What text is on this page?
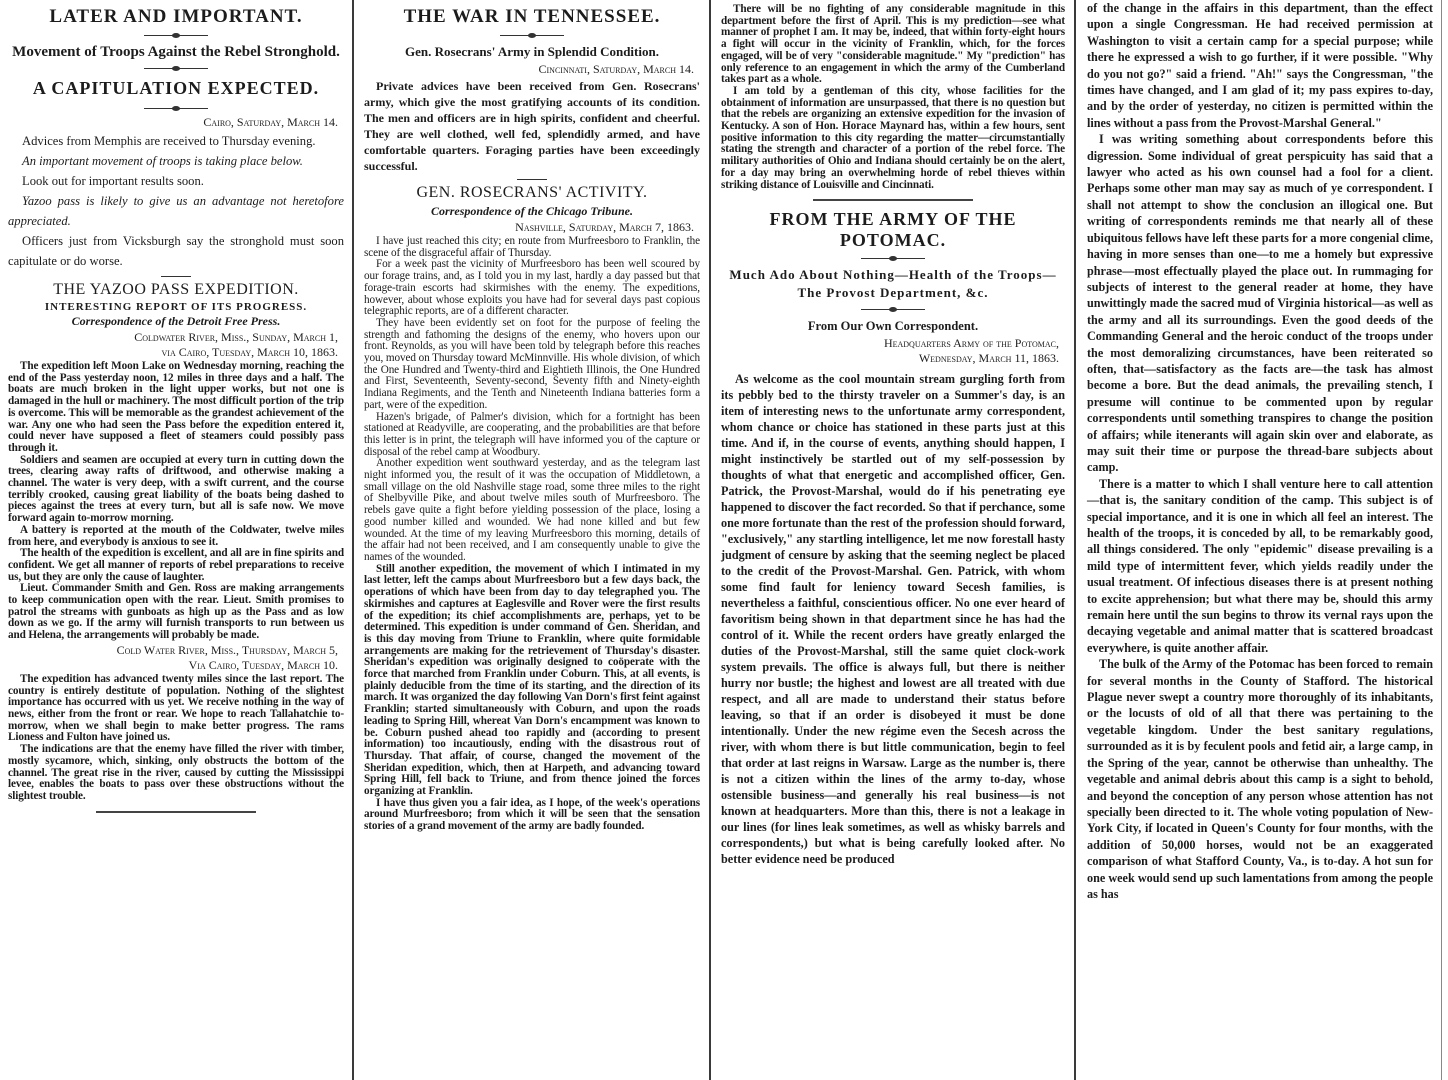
LATER AND IMPORTANT.
Movement of Troops Against the Rebel Stronghold.
A CAPITULATION EXPECTED.
Cairo, Saturday, March 14.

Advices from Memphis are received to Thursday evening.

An important movement of troops is taking place below.

Look out for important results soon.

Yazoo pass is likely to give us an advantage not heretofore appreciated.

Officers just from Vicksburgh say the stronghold must soon capitulate or do worse.

THE YAZOO PASS EXPEDITION.
INTERESTING REPORT OF ITS PROGRESS.
Correspondence of the Detroit Free Press.
Coldwater River, Miss., Sunday, March 1,
via Cairo, Tuesday, March 10, 1863.

The expedition left Moon Lake on Wednesday morning, reaching the end of the Pass yesterday noon, 12 miles in three days and a half. The boats are much broken in the light upper works, but not one is damaged in the hull or machinery. The most difficult portion of the trip is overcome. This will be memorable as the grandest achievement of the war. Any one who had seen the Pass before the expedition entered it, could never have supposed a fleet of steamers could possibly pass through it.

Soldiers and seamen are occupied at every turn in cutting down the trees, clearing away rafts of driftwood, and otherwise making a channel. The water is very deep, with a swift current, and the course terribly crooked, causing great liability of the boats being dashed to pieces against the trees at every turn, but all is safe now. We move forward again to-morrow morning.

A battery is reported at the mouth of the Coldwater, twelve miles from here, and everybody is anxious to see it.

The health of the expedition is excellent, and all are in fine spirits and confident. We get all manner of reports of rebel preparations to receive us, but they are only the cause of laughter.

Lieut. Commander Smith and Gen. Ross are making arrangements to keep communication open with the rear. Lieut. Smith promises to patrol the streams with gunboats as high up as the Pass and as low down as we go. If the army will furnish transports to run between us and Helena, the arrangements will probably be made.

Cold Water River, Miss., Thursday, March 5,
Via Cairo, Tuesday, March 10.

The expedition has advanced twenty miles since the last report. The country is entirely destitute of population. Nothing of the slightest importance has occurred with us yet. We receive nothing in the way of news, either from the front or rear. We hope to reach Tallahatchie to-morrow, when we shall begin to make better progress. The rams Lioness and Fulton have joined us.

The indications are that the enemy have filled the river with timber, mostly sycamore, which, sinking, only obstructs the bottom of the channel. The great rise in the river, caused by cutting the Mississippi levee, enables the boats to pass over these obstructions without the slightest trouble.

THE WAR IN TENNESSEE.
Gen. Rosecrans' Army in Splendid Condition.
Cincinnati, Saturday, March 14.

Private advices have been received from Gen. Rosecrans' army, which give the most gratifying accounts of its condition. The men and officers are in high spirits, confident and cheerful. They are well clothed, well fed, splendidly armed, and have comfortable quarters. Foraging parties have been exceedingly successful.

GEN. ROSECRANS' ACTIVITY.
Correspondence of the Chicago Tribune.
Nashville, Saturday, March 7, 1863.

I have just reached this city; en route from Murfreesboro to Franklin, the scene of the disgraceful affair of Thursday.

For a week past the vicinity of Murfreesboro has been well scoured by our forage trains, and, as I told you in my last, hardly a day passed but that forage-train escorts had skirmishes with the enemy. The expeditions, however, about whose exploits you have had for several days past copious telegraphic reports, are of a different character.

They have been evidently set on foot for the purpose of feeling the strength and fathoming the designs of the enemy, who hovers upon our front. Reynolds, as you will have been told by telegraph before this reaches you, moved on Thursday toward McMinnville. His whole division, of which the One Hundred and Twenty-third and Eightieth Illinois, the One Hundred and First, Seventeenth, Seventy-second, Seventy fifth and Ninety-eighth Indiana Regiments, and the Tenth and Nineteenth Indiana batteries form a part, were of the expedition.

Hazen's brigade, of Palmer's division, which for a fortnight has been stationed at Readyville, are cooperating, and the probabilities are that before this letter is in print, the telegraph will have informed you of the capture or disposal of the rebel camp at Woodbury.

Another expedition went southward yesterday, and as the telegram last night informed you, the result of it was the occupation of Middletown, a small village on the old Nashville stage road, some three miles to the right of Shelbyville Pike, and about twelve miles south of Murfreesboro. The rebels gave quite a fight before yielding possession of the place, losing a good number killed and wounded. We had none killed and but few wounded. At the time of my leaving Murfreesboro this morning, details of the affair had not been received, and I am consequently unable to give the names of the wounded.

Still another expedition, the movement of which I intimated in my last letter, left the camps about Murfreesboro but a few days back, the operations of which have been from day to day telegraphed you. The skirmishes and captures at Eaglesville and Rover were the first results of the expedition; its chief accomplishments are, perhaps, yet to be determined. This expedition is under command of Gen. Sheridan, and is this day moving from Triune to Franklin, where quite formidable arrangements are making for the retrievement of Thursday's disaster. Sheridan's expedition was originally designed to coöperate with the force that marched from Franklin under Coburn. This, at all events, is plainly deducible from the time of its starting, and the direction of its march. It was organized the day following Van Dorn's first feint against Franklin; started simultaneously with Coburn, and upon the roads leading to Spring Hill, whereat Van Dorn's encampment was known to be. Coburn pushed ahead too rapidly and (according to present information) too incautiously, ending with the disastrous rout of Thursday. That affair, of course, changed the movement of the Sheridan expedition, which, then at Harpeth, and advancing toward Spring Hill, fell back to Triune, and from thence joined the forces organizing at Franklin.

I have thus given you a fair idea, as I hope, of the week's operations around Murfreesboro; from which it will be seen that the sensation stories of a grand movement of the army are badly founded.

There will be no fighting of any considerable magnitude in this department before the first of April. This is my prediction—see what manner of prophet I am. It may be, indeed, that within forty-eight hours a fight will occur in the vicinity of Franklin, which, for the forces engaged, will be of very "considerable magnitude." My "prediction" has only reference to an engagement in which the army of the Cumberland takes part as a whole.

I am told by a gentleman of this city, whose facilities for the obtainment of information are unsurpassed, that there is no question but that the rebels are organizing an extensive expedition for the invasion of Kentucky. A son of Hon. Horace Maynard has, within a few hours, sent positive information to this city regarding the matter—circumstantially stating the strength and character of a portion of the rebel force. The military authorities of Ohio and Indiana should certainly be on the alert, for a day may bring an overwhelming horde of rebel thieves within striking distance of Louisville and Cincinnati.

FROM THE ARMY OF THE POTOMAC.
Much Ado About Nothing—Health of the Troops—The Provost Department, &c.
From Our Own Correspondent.
Headquarters Army of the Potomac,
Wednesday, March 11, 1863.

As welcome as the cool mountain stream gurgling forth from its pebbly bed to the thirsty traveler on a Summer's day, is an item of interesting news to the unfortunate army correspondent, whom chance or choice has stationed in these parts just at this time. And if, in the course of events, anything should happen, I might instinctively be startled out of my self-possession by thoughts of what that energetic and accomplished officer, Gen. Patrick, the Provost-Marshal, would do if his penetrating eye happened to discover the fact recorded. So that if perchance, some one more fortunate than the rest of the profession should forward, "exclusively," any startling intelligence, let me now forestall hasty judgment of censure by asking that the seeming neglect be placed to the credit of the Provost-Marshal. Gen. Patrick, with whom some find fault for leniency toward Secesh families, is nevertheless a faithful, conscientious officer. No one ever heard of favoritism being shown in that department since he has had the control of it. While the recent orders have greatly enlarged the duties of the Provost-Marshal, still the same quiet clock-work system prevails. The office is always full, but there is neither hurry nor bustle; the highest and lowest are all treated with due respect, and all are made to understand their status before leaving, so that if an order is disobeyed it must be done intentionally. Under the new régime even the Secesh across the river, with whom there is but little communication, begin to feel that order at last reigns in Warsaw. Large as the number is, there is not a citizen within the lines of the army to-day, whose ostensible business—and generally his real business—is not known at headquarters. More than this, there is not a leakage in our lines (for lines leak sometimes, as well as whisky barrels and correspondents,) but what is being carefully looked after. No better evidence need be produced

of the change in the affairs in this department, than the effect upon a single Congressman. He had received permission at Washington to visit a certain camp for a special purpose; while there he expressed a wish to go further, if it were possible. "Why do you not go?" said a friend. "Ah!" says the Congressman, "the times have changed, and I am glad of it; my pass expires to-day, and by the order of yesterday, no citizen is permitted within the lines without a pass from the Provost-Marshal General."

I was writing something about correspondents before this digression. Some individual of great perspicuity has said that a lawyer who acted as his own counsel had a fool for a client. Perhaps some other man may say as much of ye correspondent. I shall not attempt to show the conclusion an illogical one. But writing of correspondents reminds me that nearly all of these ubiquitous fellows have left these parts for a more congenial clime, having in more senses than one—to me a homely but expressive phrase—most effectually played the place out. In rummaging for subjects of interest to the general reader at home, they have unwittingly made the sacred mud of Virginia historical—as well as the army and all its surroundings. Even the good deeds of the Commanding General and the heroic conduct of the troops under the most demoralizing circumstances, have been reiterated so often, that—satisfactory as the facts are—the task has almost become a bore. But the dead animals, the prevailing stench, I presume will continue to be commented upon by regular correspondents until something transpires to change the position of affairs; while itenerants will again skin over and elaborate, as may suit their time or purpose the thread-bare subjects about camp.

There is a matter to which I shall venture here to call attention—that is, the sanitary condition of the camp. This subject is of special importance, and it is one in which all feel an interest. The health of the troops, it is conceded by all, to be remarkably good, all things considered. The only "epidemic" disease prevailing is a mild type of intermittent fever, which yields readily under the usual treatment. Of infectious diseases there is at present nothing to excite apprehension; but what there may be, should this army remain here until the sun begins to throw its vernal rays upon the decaying vegetable and animal matter that is scattered broadcast everywhere, is quite another affair.

The bulk of the Army of the Potomac has been forced to remain for several months in the County of Stafford. The historical Plague never swept a country more thoroughly of its inhabitants, or the locusts of old of all that there was pertaining to the vegetable kingdom. Under the best sanitary regulations, surrounded as it is by feculent pools and fetid air, a large camp, in the Spring of the year, cannot be otherwise than unhealthy. The vegetable and animal debris about this camp is a sight to behold, and beyond the conception of any person whose attention has not specially been directed to it. The whole voting population of New-York City, if located in Queen's County for four months, with the addition of 50,000 horses, would not be an exaggerated comparison of what Stafford County, Va., is to-day. A hot sun for one week would send up such lamentations from among the people as has
